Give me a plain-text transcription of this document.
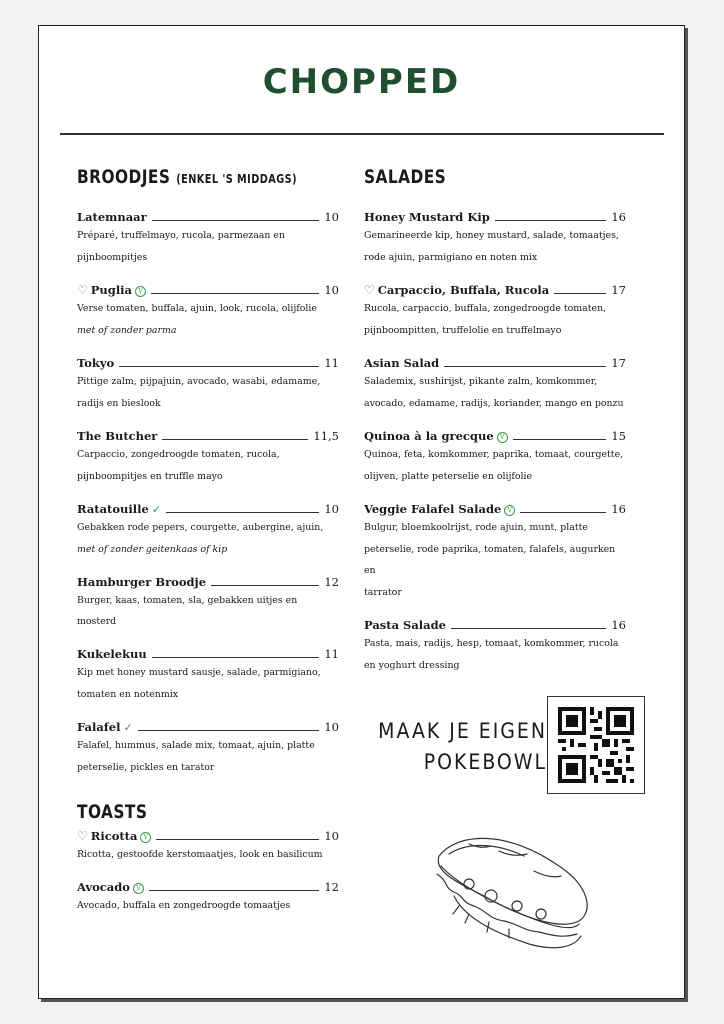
CHOPPED
BROODJES (ENKEL 'S MIDDAGS)
Latemnaar	10
Préparé, truffelmayo, rucola, parmezaan en
pijnboompitjes
♡ Puglia	V	10
Verse tomaten, buffala, ajuin, look, rucola, olijfolie
met of zonder parma
Tokyo	11
Pittige zalm, pijpajuin, avocado, wasabi, edamame,
radijs en bieslook
The Butcher	11,5
Carpaccio, zongedroogde tomaten, rucola,
pijnboompitjes en truffle mayo
Ratatouille ✓	10
Gebakken rode pepers, courgette, aubergine, ajuin,
met of zonder geitenkaas of kip
Hamburger Broodje	12
Burger, kaas, tomaten, sla, gebakken uitjes en mosterd
Kukelekuu	11
Kip met honey mustard sausje, salade, parmigiano,
tomaten en notenmix
Falafel ✓	10
Falafel, hummus, salade mix, tomaat, ajuin, platte
peterselie, pickles en tarator
TOASTS
♡ Ricotta	V	10
Ricotta, gestoofde kerstomaatjes, look en basilicum
Avocado	V	12
Avocado, buffala en zongedroogde tomaatjes
SALADES
Honey Mustard Kip	16
Gemarineerde kip, honey mustard, salade, tomaatjes,
rode ajuin, parmigiano en noten mix
♡ Carpaccio, Buffala, Rucola	17
Rucola, carpaccio, buffala, zongedroogde tomaten,
pijnboompitten, truffelolie en truffelmayo
Asian Salad	17
Salademix, sushirijst, pikante zalm, komkommer,
avocado, edamame, radijs, koriander, mango en ponzu
Quinoa à la grecque	V	15
Quinoa, feta, komkommer, paprika, tomaat, courgette,
olijven, platte peterselie en olijfolie
Veggie Falafel Salade	V	16
Bulgur, bloemkoolrijst, rode ajuin, munt, platte
peterselie, rode paprika, tomaten, falafels, augurken en
tarrator
Pasta Salade	16
Pasta, mais, radijs, hesp, tomaat, komkommer, rucola
en yoghurt dressing
MAAK JE EIGEN
POKEBOWL
